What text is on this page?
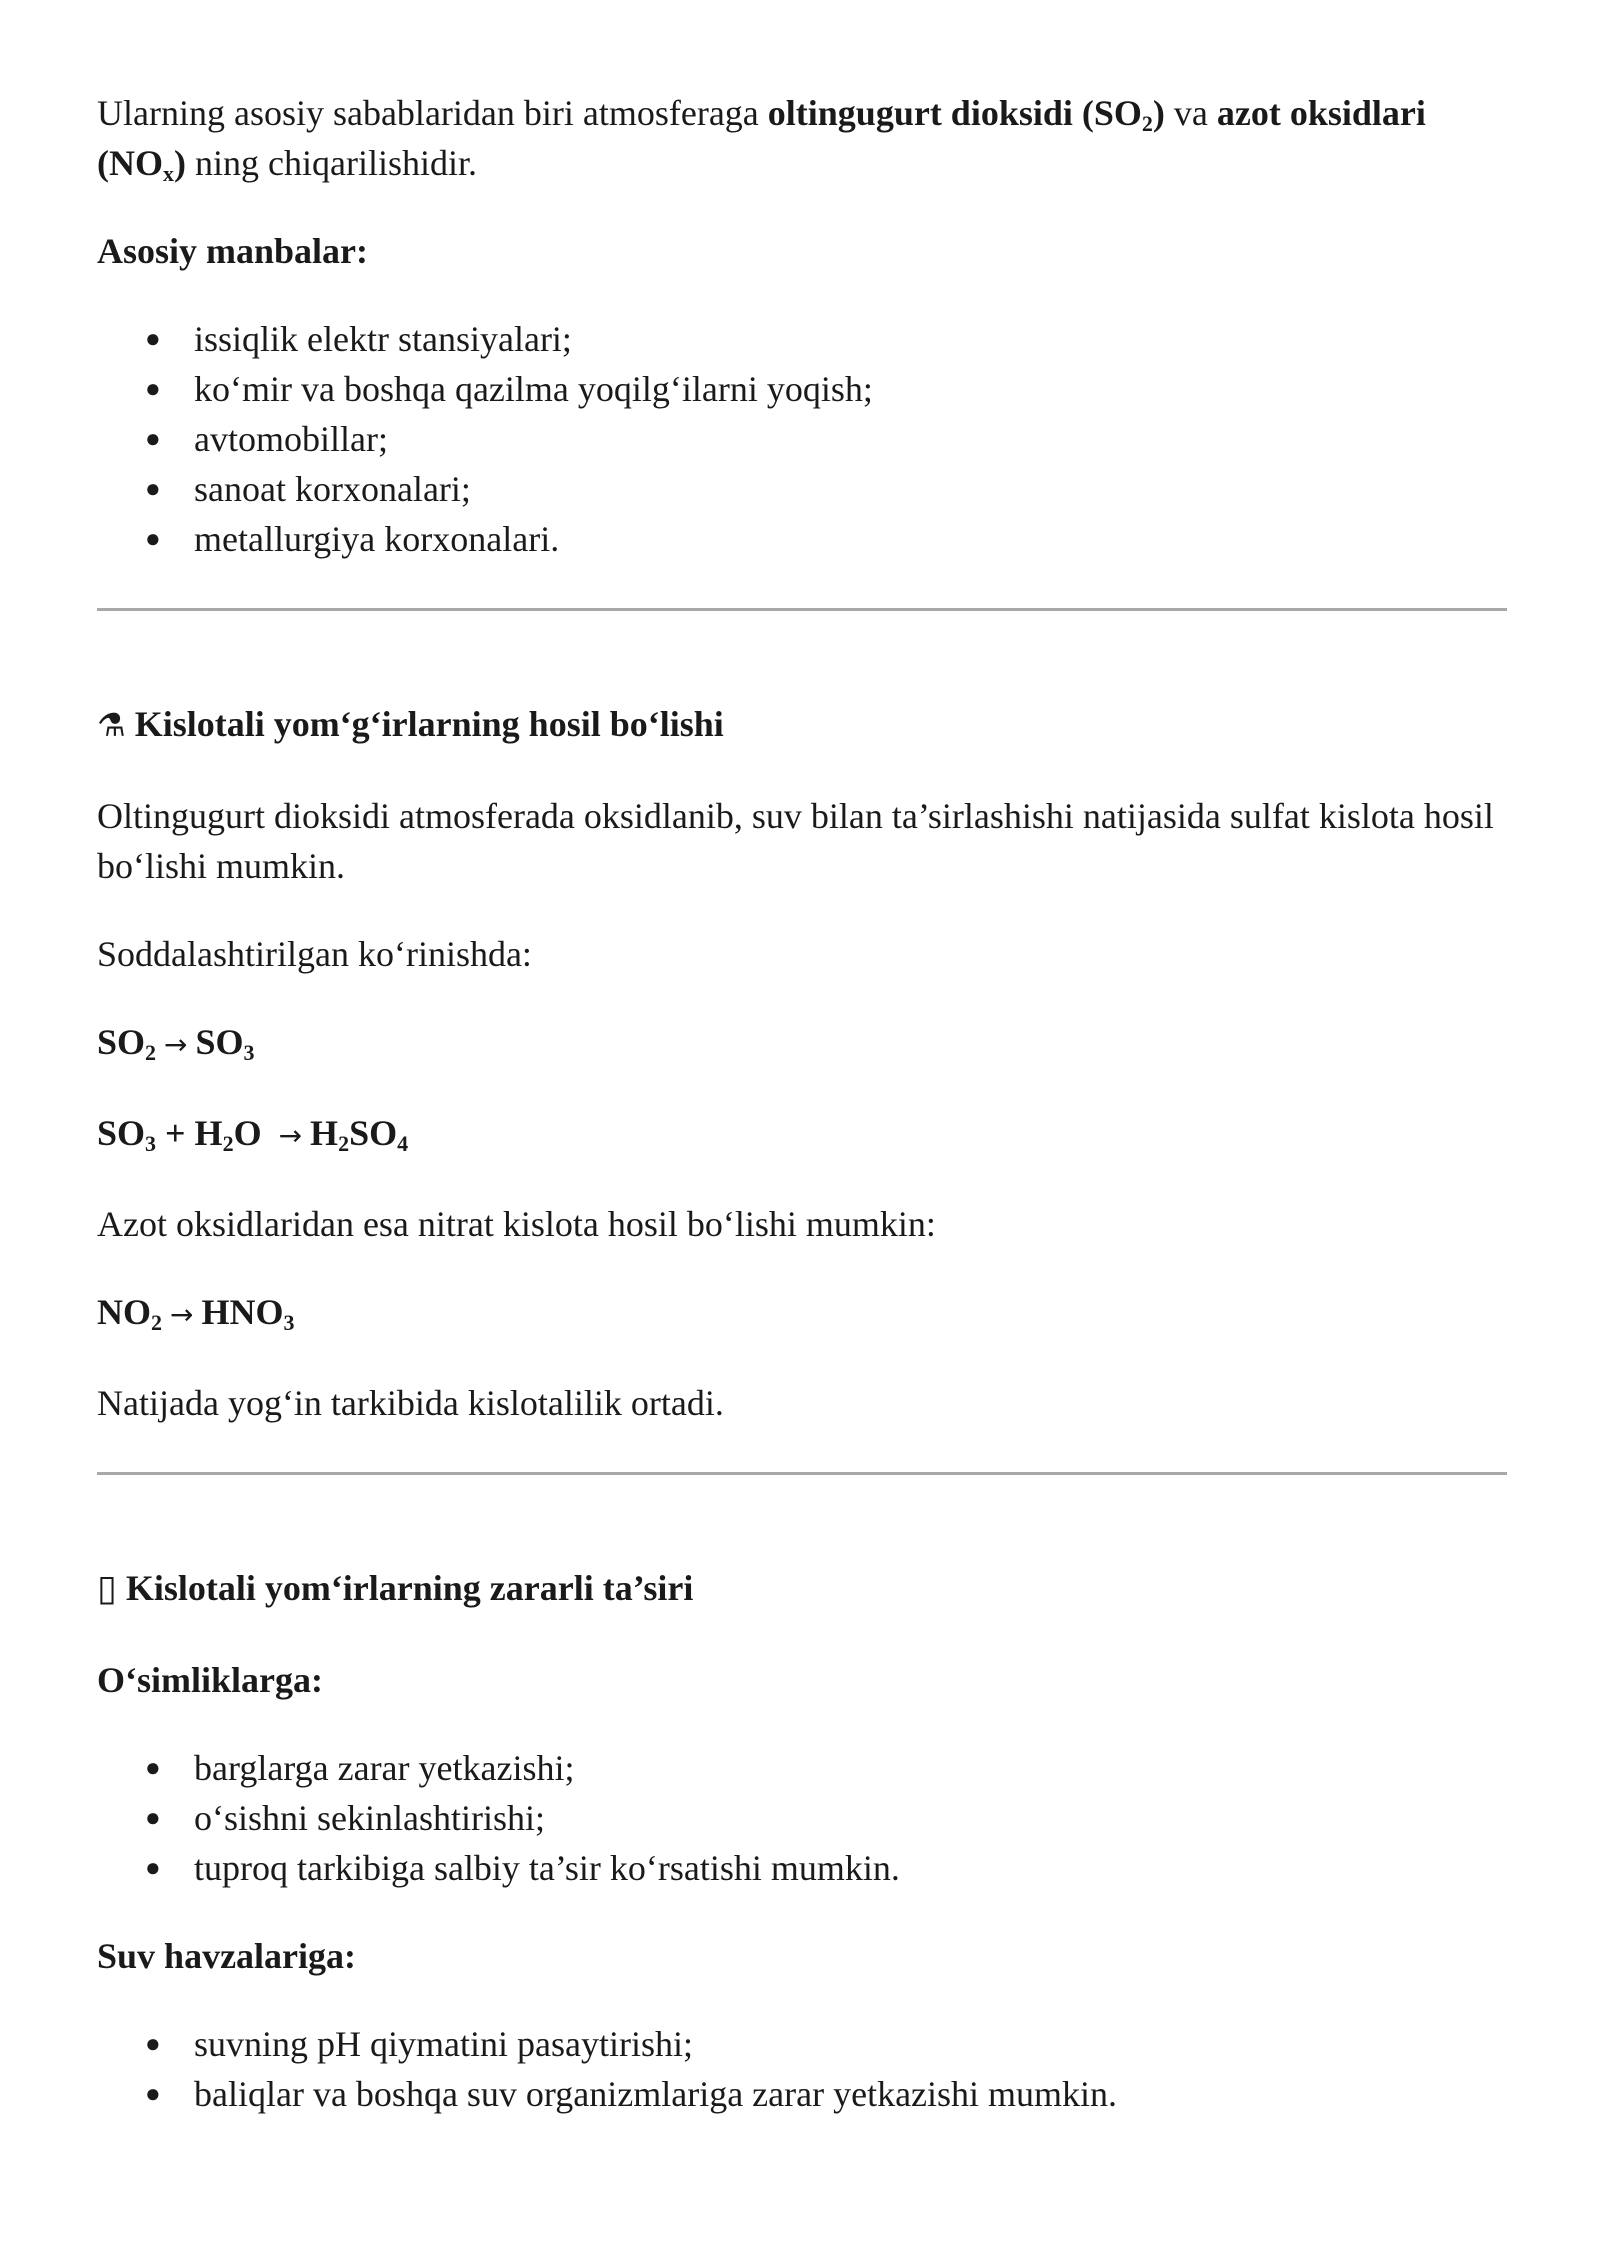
Ularning asosiy sabablaridan biri atmosferaga oltingugurt dioksidi $(SO_2)$ va azot oksidlari $(NO_x)$ ning chiqarilishidir.

Asosiy manbalar:

● issiqlik elektr stansiyalari;
● ko‘mir va boshqa qazilma yoqilg‘ilarni yoqish;
● avtomobillar;
● sanoat korxonalari;
● metallurgiya korxonalari.

⚗ Kislotali yom‘g‘irlarning hosil bo‘lishi

Oltingugurt dioksidi atmosferada oksidlanib, suv bilan ta’sirlashishi natijasida sulfat kislota hosil bo‘lishi mumkin.

Soddalashtirilgan ko‘rinishda:

$SO_2 \to SO_3$

$SO_3 + H_2O \to H_2SO_4$

Azot oksidlaridan esa nitrat kislota hosil bo‘lishi mumkin:

$NO_2 \to HNO_3$

Natijada yog‘in tarkibida kislotalilik ortadi.

▯ Kislotali yom‘irlarning zararli ta’siri

O‘simliklarga:

● barglarga zarar yetkazishi;
● o‘sishni sekinlashtirishi;
● tuproq tarkibiga salbiy ta’sir ko‘rsatishi mumkin.

Suv havzalariga:

● suvning pH qiymatini pasaytirishi;
● baliqlar va boshqa suv organizmlariga zarar yetkazishi mumkin.
